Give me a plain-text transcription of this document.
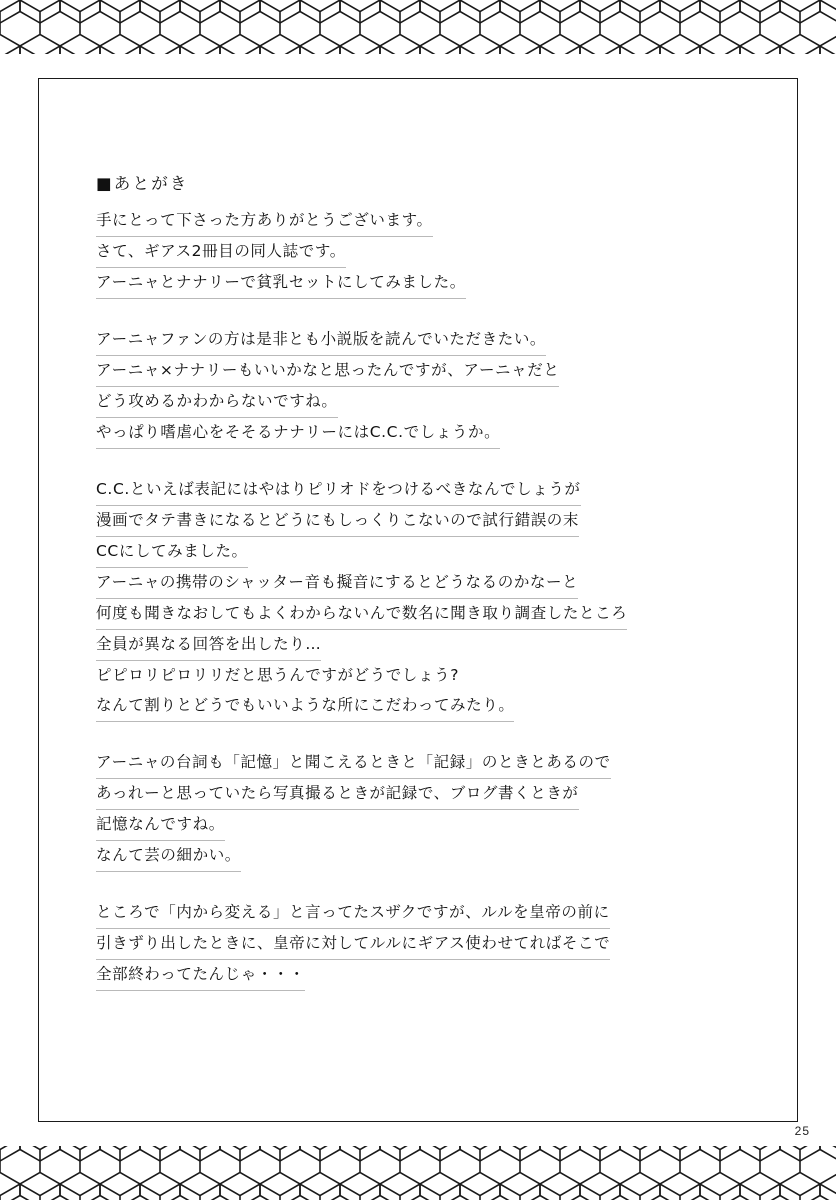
■あとがき
手にとって下さった方ありがとうございます。
さて、ギアス2冊目の同人誌です。
アーニャとナナリーで貧乳セットにしてみました。
アーニャファンの方は是非とも小説版を読んでいただきたい。
アーニャ×ナナリーもいいかなと思ったんですが、アーニャだと
どう攻めるかわからないですね。
やっぱり嗜虐心をそそるナナリーにはC.C.でしょうか。
C.C.といえば表記にはやはりピリオドをつけるべきなんでしょうが
漫画でタテ書きになるとどうにもしっくりこないので試行錯誤の末
CCにしてみました。
アーニャの携帯のシャッター音も擬音にするとどうなるのかなーと
何度も聞きなおしてもよくわからないんで数名に聞き取り調査したところ
全員が異なる回答を出したり…
ピピロリピロリリだと思うんですがどうでしょう?
なんて割りとどうでもいいような所にこだわってみたり。
アーニャの台詞も「記憶」と聞こえるときと「記録」のときとあるので
あっれーと思っていたら写真撮るときが記録で、ブログ書くときが
記憶なんですね。
なんて芸の細かい。
ところで「内から変える」と言ってたスザクですが、ルルを皇帝の前に
引きずり出したときに、皇帝に対してルルにギアス使わせてればそこで
全部終わってたんじゃ・・・
25
